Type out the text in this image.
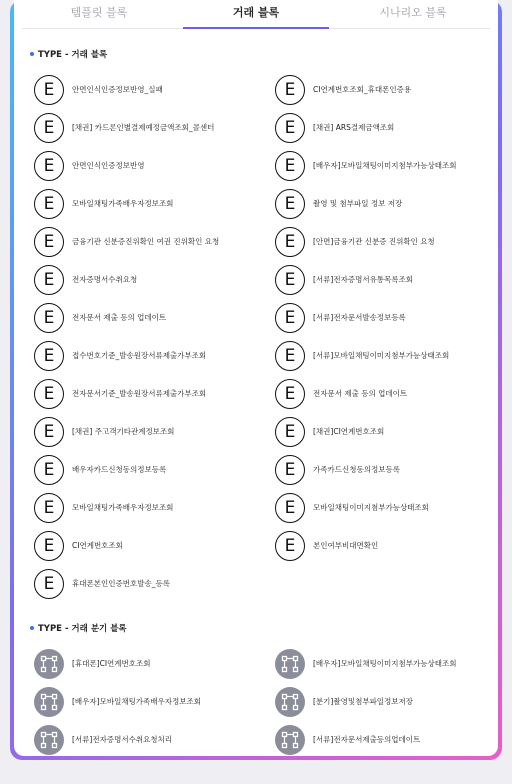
템플릿 블록	거래 블록	시나리오 블록
TYPE - 거래 블록
E	안면인식인증정보반영_실패	E	CI연계번호조회_휴대폰인증용
E	[채권] 카드론인별결제예정금액조회_콜센터	E	[채권] ARS결제금액조회
E	안면인식인증정보반영	E	[배우자]모바일채팅이미지첨부가능상태조회
E	모바일채팅가족배우자정보조회	E	촬영 및 첨부파일 정보 저장
E	금융기관 신분증진위확인 여권 진위확인 요청	E	[안면]금융기관 신분증 진위확인 요청
E	전자증명서수취요청	E	[서류]전자증명서유통목록조회
E	전자문서 제출 등의 업데이트	E	[서류]전자문서발송정보등록
E	접수번호기준_발송원장서류제출가부조회	E	[서류]모바일채팅이미지첨부가능상태조회
E	전자문서기준_발송원장서류제출가부조회	E	전자문서 제출 등의 업데이트
E	[채권] 주고객기타관계정보조회	E	[채권]CI연계번호조회
E	배우자카드신청동의정보등록	E	가족카드신청동의정보등록
E	모바일채팅가족배우자정보조회	E	모바일채팅이미지첨부가능상태조회
E	CI연계번호조회	E	본인여부비대면확인
E	휴대폰본인인증번호발송_등록
TYPE - 거래 분기 블록
[휴대폰]CI연계번호조회	[배우자]모바일채팅이미지첨부가능상태조회
[배우자]모바일채팅가족배우자정보조회	[분기]촬영및첨부파일정보저장
[서류]전자증명서수취요청처리	[서류]전자문서제출등의업데이트
